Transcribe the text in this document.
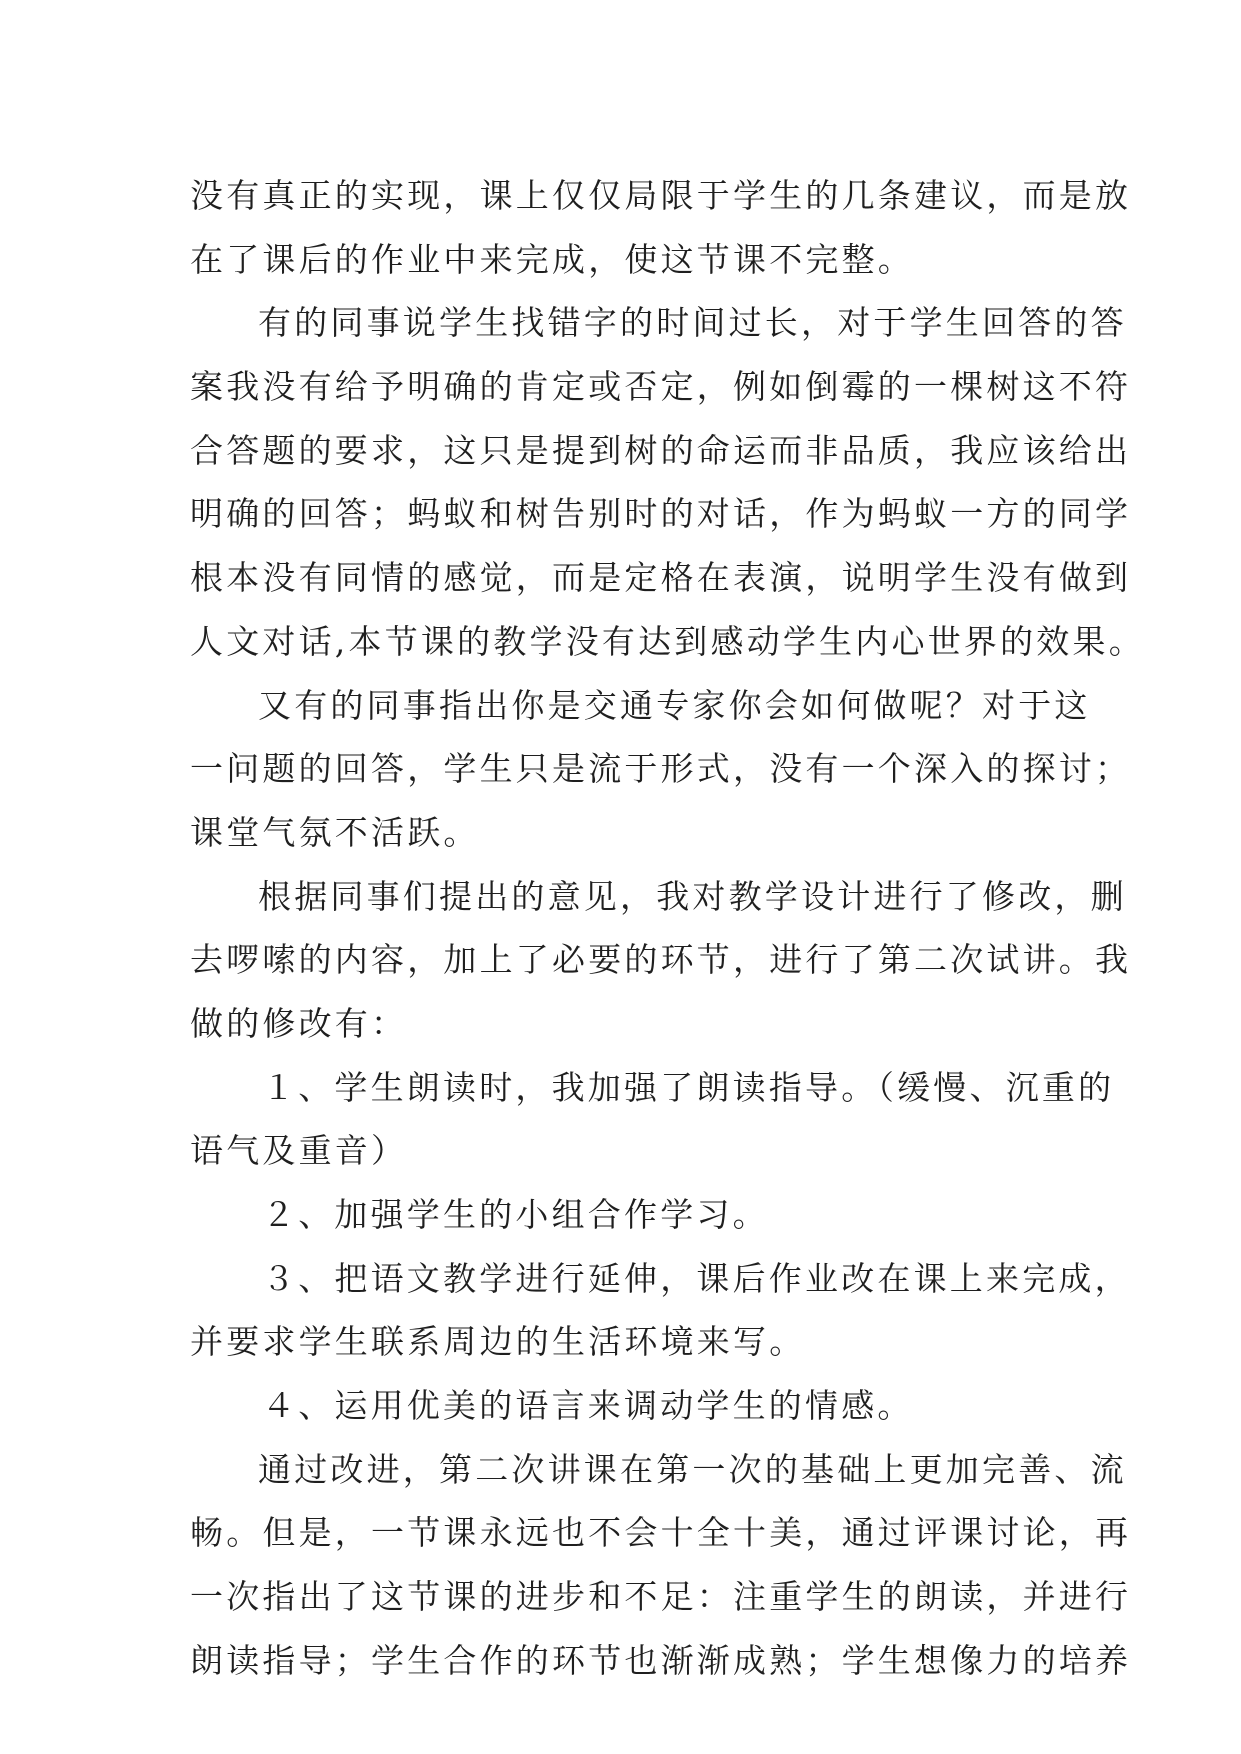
没有真正的实现，课上仅仅局限于学生的几条建议，而是放
在了课后的作业中来完成，使这节课不完整。
有的同事说学生找错字的时间过长，对于学生回答的答
案我没有给予明确的肯定或否定，例如倒霉的一棵树这不符
合答题的要求，这只是提到树的命运而非品质，我应该给出
明确的回答；蚂蚁和树告别时的对话，作为蚂蚁一方的同学
根本没有同情的感觉，而是定格在表演，说明学生没有做到
人文对话,本节课的教学没有达到感动学生内心世界的效果。
又有的同事指出你是交通专家你会如何做呢？对于这
一问题的回答，学生只是流于形式，没有一个深入的探讨；
课堂气氛不活跃。
根据同事们提出的意见，我对教学设计进行了修改，删
去啰嗦的内容，加上了必要的环节，进行了第二次试讲。我
做的修改有：
１、学生朗读时，我加强了朗读指导。（缓慢、沉重的
语气及重音）
２、加强学生的小组合作学习。
３、把语文教学进行延伸，课后作业改在课上来完成，
并要求学生联系周边的生活环境来写。
４、运用优美的语言来调动学生的情感。
通过改进，第二次讲课在第一次的基础上更加完善、流
畅。但是，一节课永远也不会十全十美，通过评课讨论，再
一次指出了这节课的进步和不足：注重学生的朗读，并进行
朗读指导；学生合作的环节也渐渐成熟；学生想像力的培养
